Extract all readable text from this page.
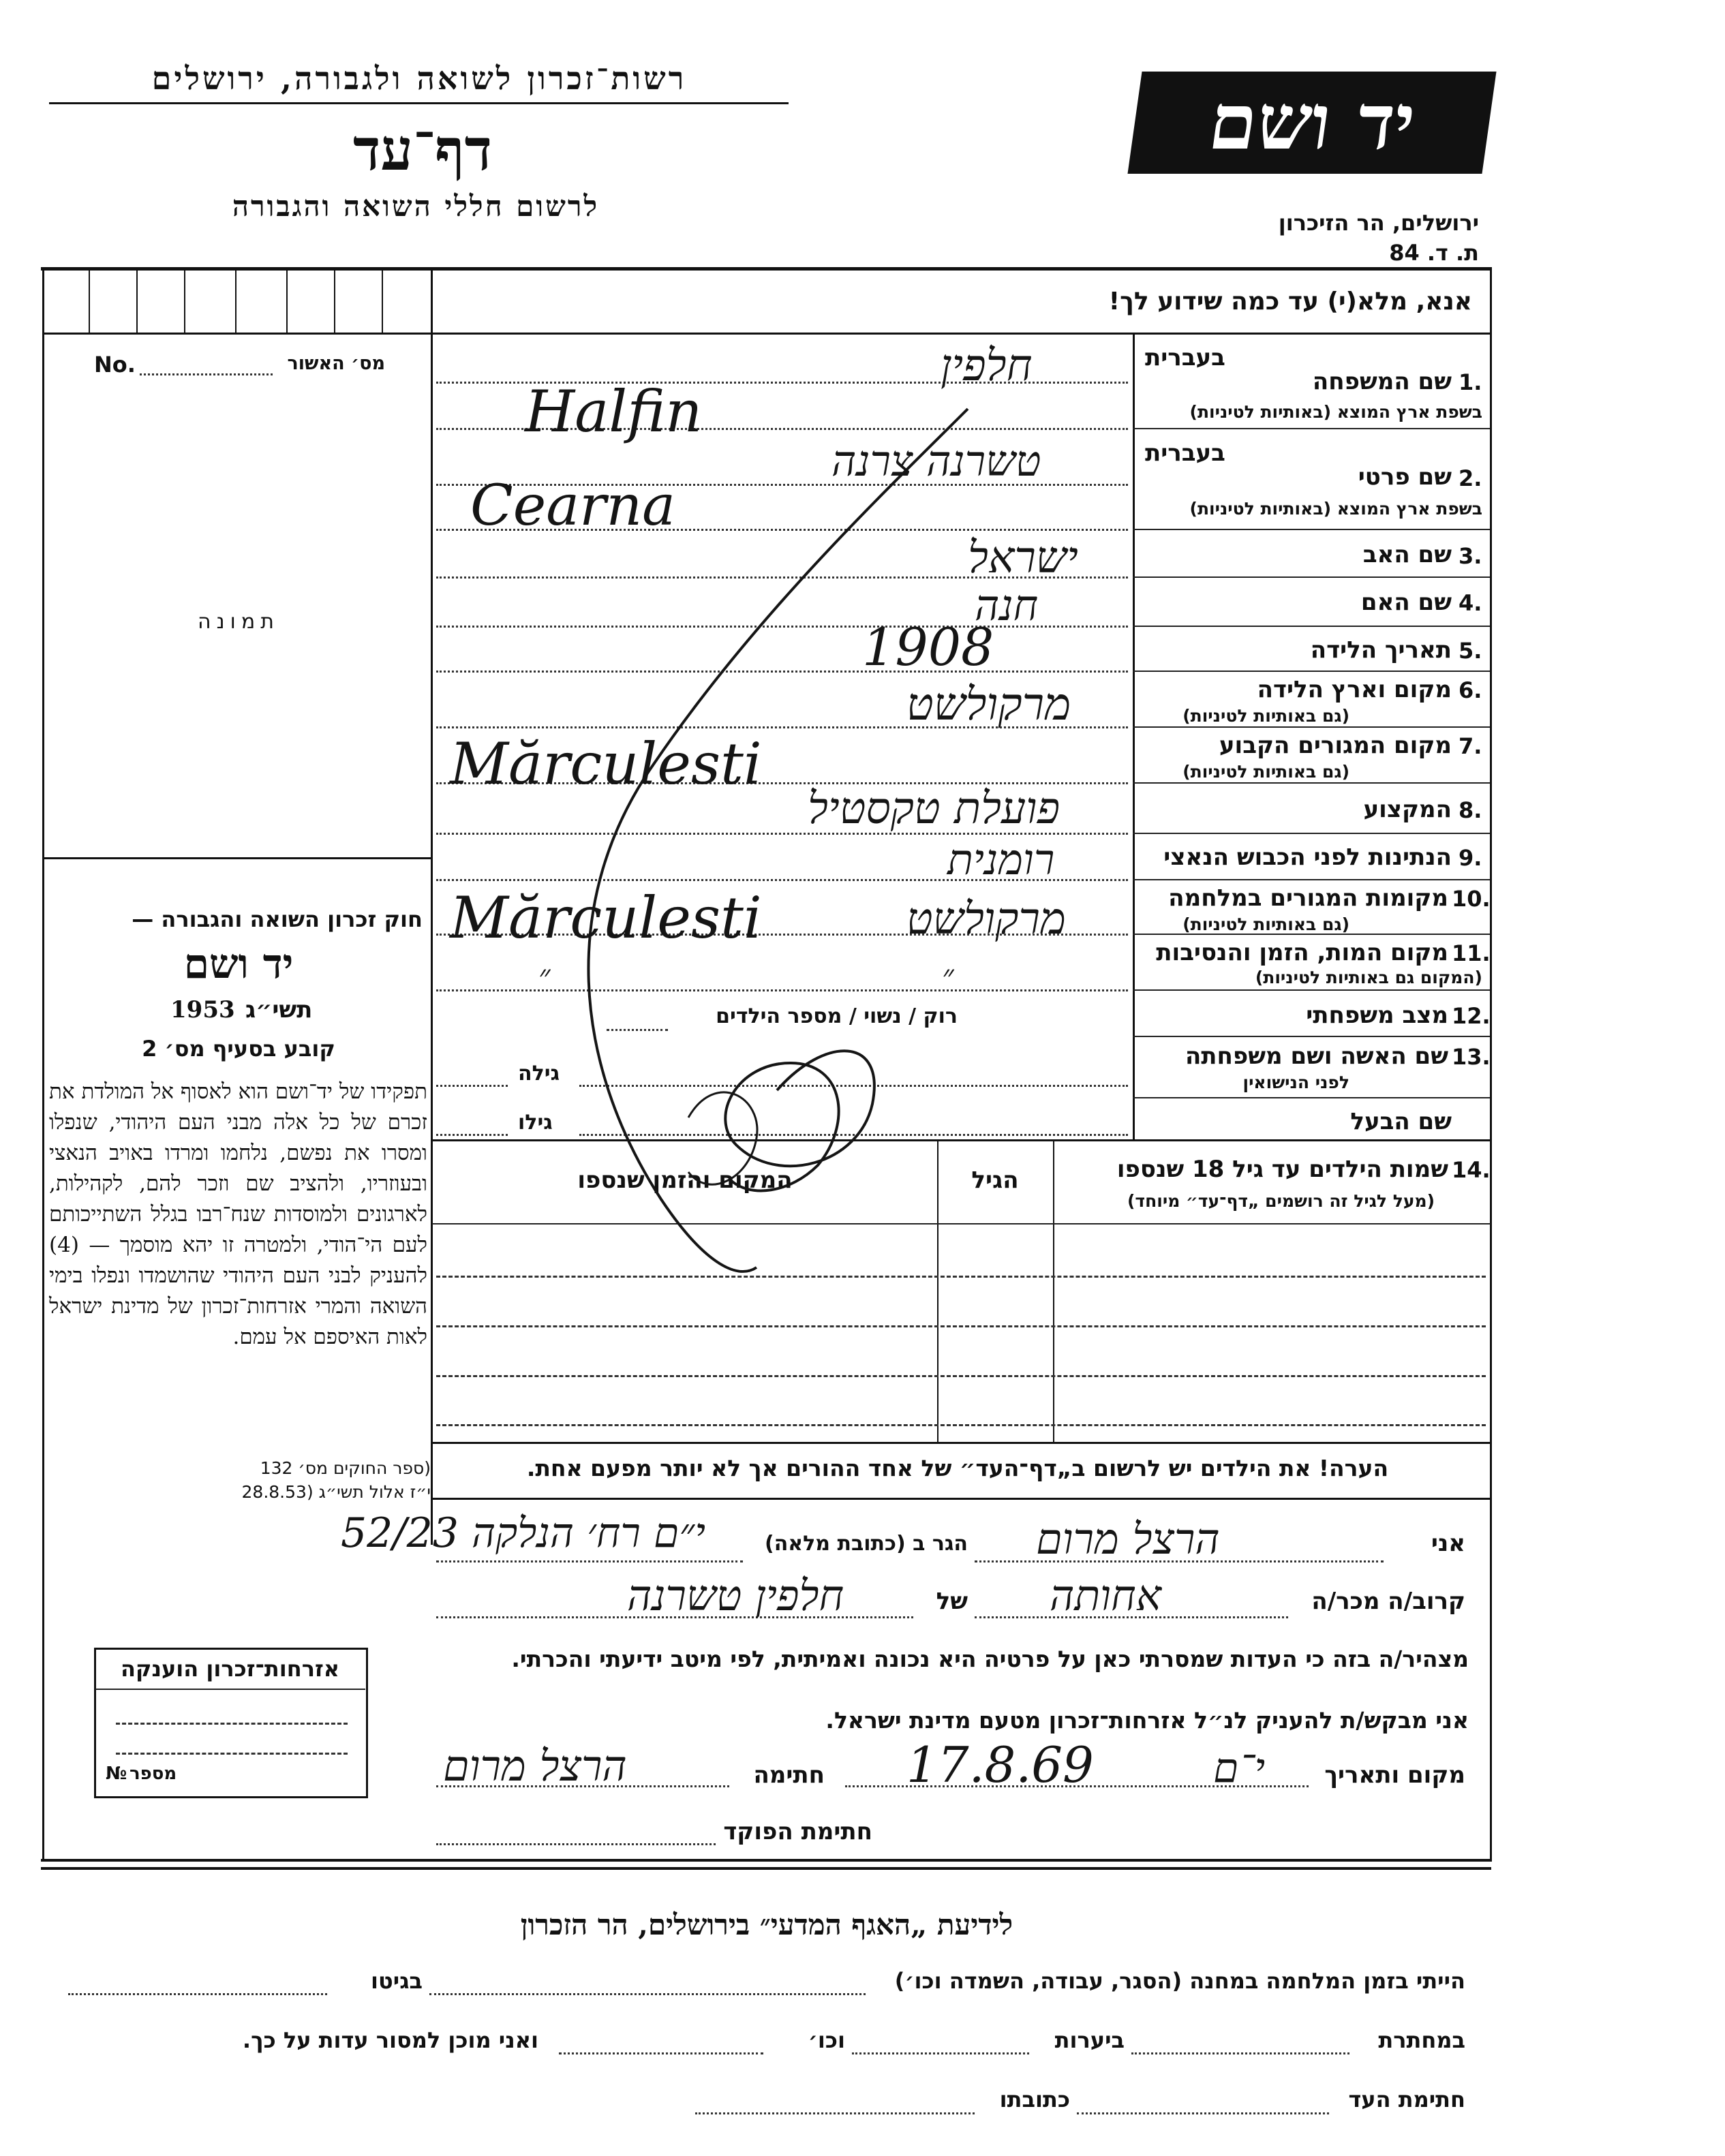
רשות־זכרון לשואה ולגבורה, ירושלים
דף־עד
לרשום חללי השואה והגבורה
יד ושם
ירושלים, הר הזיכרון
ת. ד. 84
אנא, מלא(י) עד כמה שידוע לך!
No.	מס׳ האשור
תמונה
חוק זכרון השואה והגבורה —
יד ושם
1953 תשי״ג
קובע בסעיף מס׳ 2
תפקידו של יד־ושם הוא לאסוף אל המולדת את זכרם של כל אלה מבני העם היהודי, שנפלו ומסרו את נפשם, נלחמו ומרדו באויב הנאצי ובעוזריו, ולהציב שם וזכר להם, לקהילות, לארגונים ולמוסדות שנח־רבו בגלל השתייכותם לעם הי־הודי, ולמטרה זו יהא מוסמך — (4) להעניק לבני העם היהודי שהושמדו ונפלו בימי השואה והמרי אזרחות־זכרון של מדינת ישראל לאות האיספם אל עמם.
(ספר החוקים מס׳ 132
י״ז אלול תשי״ג (28.8.53
בעברית
1.
שם המשפחה
בשפת ארץ המוצא (באותיות לטיניות)
חלפין
Halfin
בעברית
2.
שם פרטי
בשפת ארץ המוצא (באותיות לטיניות)
טשרנה צרנה
Cearna
3.
שם האב
ישראל
4.
שם האם
חנה
5.
תאריך הלידה
1908
6.
מקום וארץ הלידה
(גם באותיות לטיניות)
מרקולשט
7.
מקום המגורים הקבוע
(גם באותיות לטיניות)
Mărculesti
8.
המקצוע
פועלת טקסטיל
9.
הנתינות לפני הכבוש הנאצי
רומנית
10.
מקומות המגורים במלחמה
(גם באותיות לטיניות)
Mărculesti	מרקולשט
11.
מקום המות, הזמן והנסיבות
(המקום גם באותיות לטיניות)
״ ״
12.
מצב משפחתי
רוק / נשוי / מספר הילדים
13.
שם האשה ושם משפחתה
לפני הנישואין
גילה
שם הבעל
גילו
14.
שמות הילדים עד גיל 18 שנספו
(מעל לגיל זה רושמים „דף־עד״ מיוחד)
הגיל
המקום והזמן שנספו
הערה! את הילדים יש לרשום ב„דף־העד״ של אחד ההורים אך לא יותר מפעם אחת.
אני
הרצל מרום
הגר ב (כתובת מלאה)
י״ם רח׳ הנלקה 52/23
קרוב/ה מכר/ה
אחותה
של
חלפין טשרנה
מצהיר/ה בזה כי העדות שמסרתי כאן על פרטיה היא נכונה ואמיתית, לפי מיטב ידיעתי והכרתי.
אני מבקש/ת להעניק לנ״ל אזרחות־זכרון מטעם מדינת ישראל.
מקום ותאריך
י־ם
17.8.69
חתימה
הרצל מרום
חתימת הפוקד
אזרחות־זכרון הוענקה
№ מספר
לידיעת „האגף המדעי״ בירושלים, הר הזכרון
הייתי בזמן המלחמה במחנה (הסגר, עבודה, השמדה וכו׳)
בגיטו
במחתרת
ביערות
וכו׳
ואני מוכן למסור עדות על כך.
חתימת העד
כתובתו
